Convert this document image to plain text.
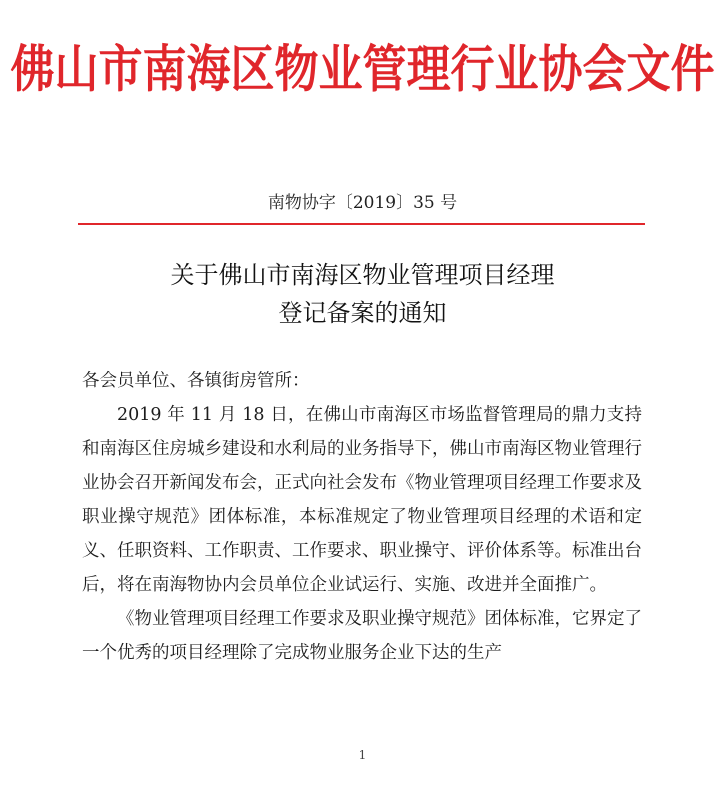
佛山市南海区物业管理行业协会文件
南物协字〔2019〕35 号
关于佛山市南海区物业管理项目经理
登记备案的通知

各会员单位、各镇街房管所：

2019 年 11 月 18 日，在佛山市南海区市场监督管理局的鼎力支持和南海区住房城乡建设和水利局的业务指导下，佛山市南海区物业管理行业协会召开新闻发布会，正式向社会发布《物业管理项目经理工作要求及职业操守规范》团体标准，本标准规定了物业管理项目经理的术语和定义、任职资料、工作职责、工作要求、职业操守、评价体系等。标准出台后，将在南海物协内会员单位企业试运行、实施、改进并全面推广。

《物业管理项目经理工作要求及职业操守规范》团体标准，它界定了一个优秀的项目经理除了完成物业服务企业下达的生产

1
